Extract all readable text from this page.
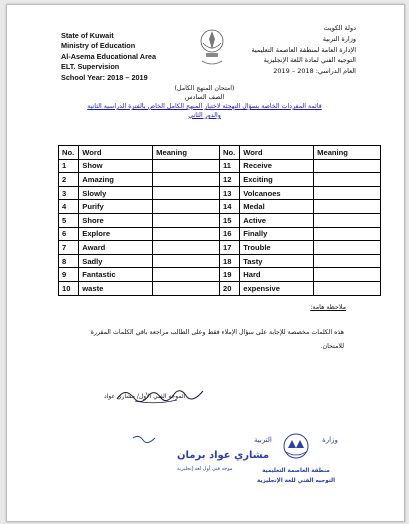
State of Kuwait
Ministry of Education
Al-Asema Educational Area
ELT. Supervision
School Year: 2018 – 2019
دولة الكويت
وزارة التربية
الإدارة العامة لمنطقة العاصمة التعليمية
التوجيه الفني لمادة اللغة الإنجليزية
العام الدراسي: 2018 – 2019
(امتحان المنهج الكامل)
الصف السادس
قائمة المفردات الخاصة بسؤال التهجئة لاختبار المنهج الكامل الخاص بالفترة الدراسية الثانية
والدور الثاني
No.	Word	Meaning	No.	Word	Meaning
1	Show		11	Receive	
2	Amazing		12	Exciting	
3	Slowly		13	Volcanoes	
4	Purify		14	Medal	
5	Shore		15	Active	
6	Explore		16	Finally	
7	Award		17	Trouble	
8	Sadly		18	Tasty	
9	Fantastic		19	Hard	
10	waste		20	expensive	
ملاحظة هامة:
هذه الكلمات مخصصة للإجابة على سؤال الإملاء فقط وعلى الطالب مراجعة باقي الكلمات المقررة للامتحان.
الموجه الفني الأول/ مشاري عواد
مشاري عواد برمان
موجه فني أول لغة إنجليزية
التربية	وزارة
منطقة العاصمة التعليمية
التوجيه الفني للغة الإنجليزية
